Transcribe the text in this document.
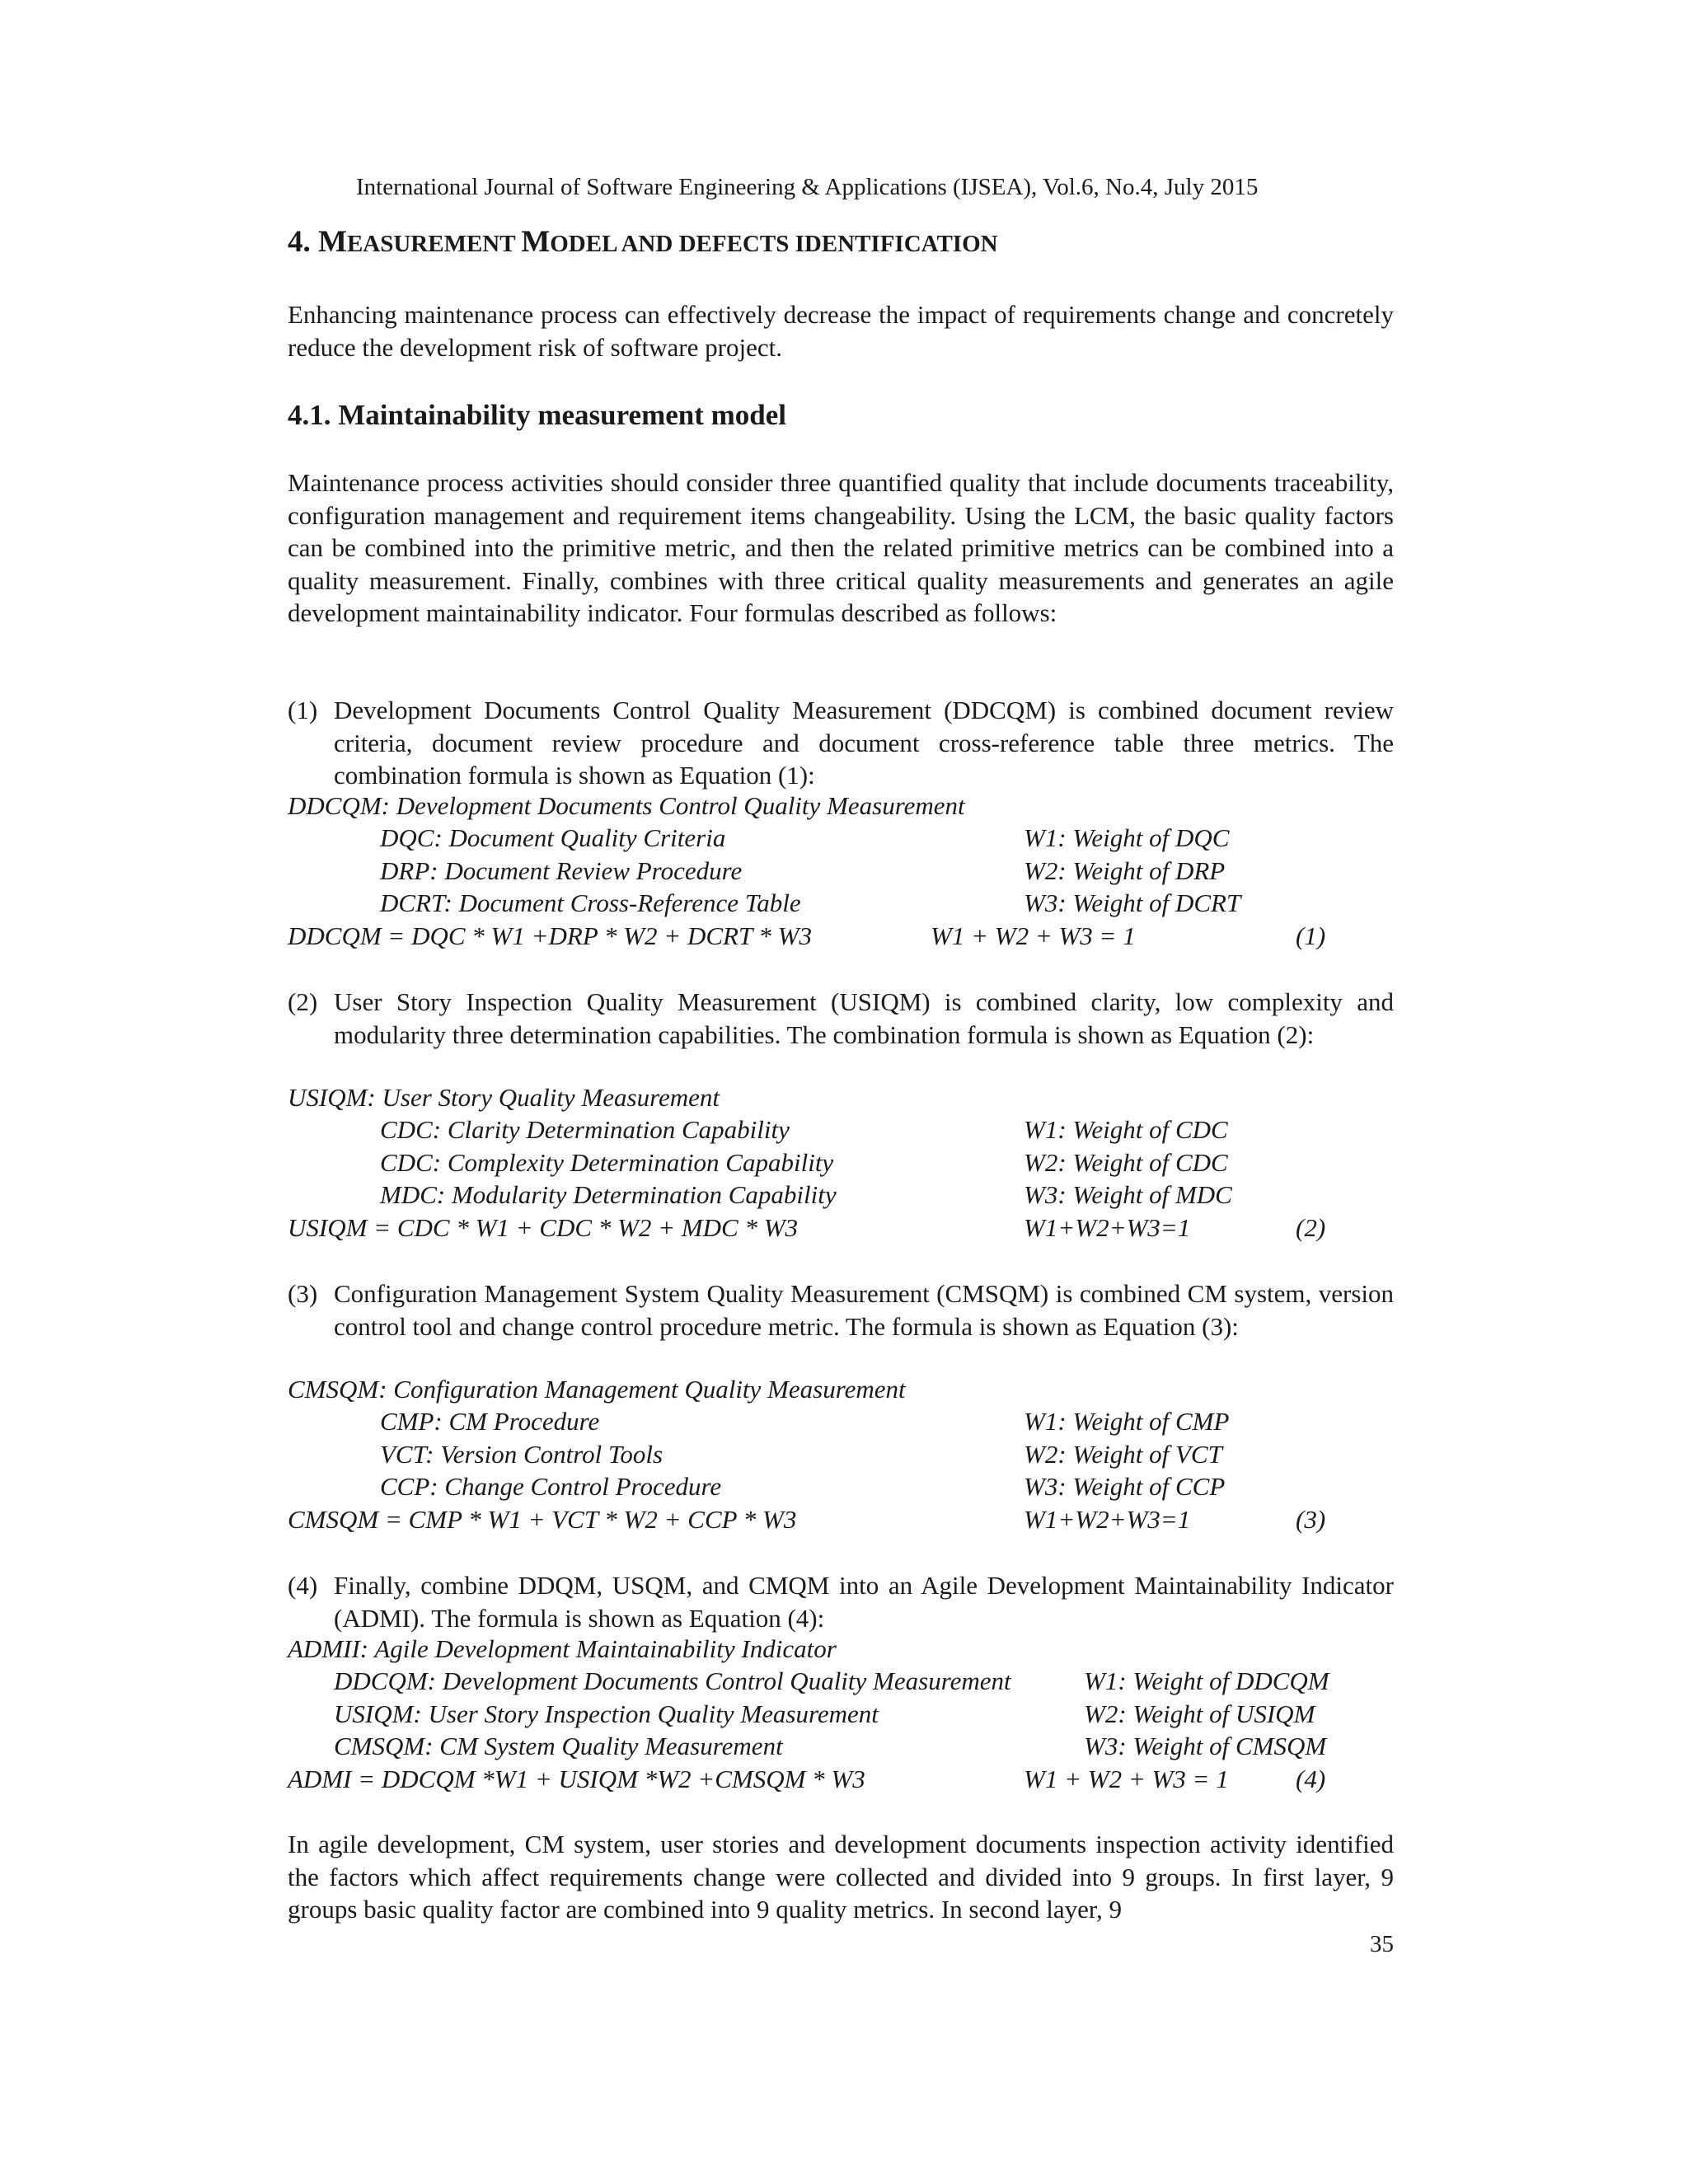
International Journal of Software Engineering & Applications (IJSEA), Vol.6, No.4, July 2015
4. MEASUREMENT MODEL AND DEFECTS IDENTIFICATION
Enhancing maintenance process can effectively decrease the impact of requirements change and concretely reduce the development risk of software project.
4.1. Maintainability measurement model
Maintenance process activities should consider three quantified quality that include documents traceability, configuration management and requirement items changeability. Using the LCM, the basic quality factors can be combined into the primitive metric, and then the related primitive metrics can be combined into a quality measurement. Finally, combines with three critical quality measurements and generates an agile development maintainability indicator. Four formulas described as follows:
(1) Development Documents Control Quality Measurement (DDCQM) is combined document review criteria, document review procedure and document cross-reference table three metrics. The combination formula is shown as Equation (1):
DDCQM: Development Documents Control Quality Measurement
DQC: Document Quality Criteria	W1: Weight of DQC
DRP: Document Review Procedure	W2: Weight of DRP
DCRT: Document Cross-Reference Table	W3: Weight of DCRT
DDCQM = DQC * W1 +DRP * W2 + DCRT * W3	W1 + W2 + W3 = 1	(1)
(2) User Story Inspection Quality Measurement (USIQM) is combined clarity, low complexity and modularity three determination capabilities. The combination formula is shown as Equation (2):
USIQM: User Story Quality Measurement
CDC: Clarity Determination Capability	W1: Weight of CDC
CDC: Complexity Determination Capability	W2: Weight of CDC
MDC: Modularity Determination Capability	W3: Weight of MDC
USIQM = CDC * W1 + CDC * W2 + MDC * W3	W1+W2+W3=1	(2)
(3) Configuration Management System Quality Measurement (CMSQM) is combined CM system, version control tool and change control procedure metric. The formula is shown as Equation (3):
CMSQM: Configuration Management Quality Measurement
CMP: CM Procedure	W1: Weight of CMP
VCT: Version Control Tools	W2: Weight of VCT
CCP: Change Control Procedure	W3: Weight of CCP
CMSQM = CMP * W1 + VCT * W2 + CCP * W3	W1+W2+W3=1	(3)
(4) Finally, combine DDQM, USQM, and CMQM into an Agile Development Maintainability Indicator (ADMI). The formula is shown as Equation (4):
ADMII: Agile Development Maintainability Indicator
DDCQM: Development Documents Control Quality Measurement	W1: Weight of DDCQM
USIQM: User Story Inspection Quality Measurement	W2: Weight of USIQM
CMSQM: CM System Quality Measurement	W3: Weight of CMSQM
ADMI = DDCQM *W1 + USIQM *W2 +CMSQM * W3	W1 + W2 + W3 = 1	(4)
In agile development, CM system, user stories and development documents inspection activity identified the factors which affect requirements change were collected and divided into 9 groups. In first layer, 9 groups basic quality factor are combined into 9 quality metrics. In second layer, 9
35
